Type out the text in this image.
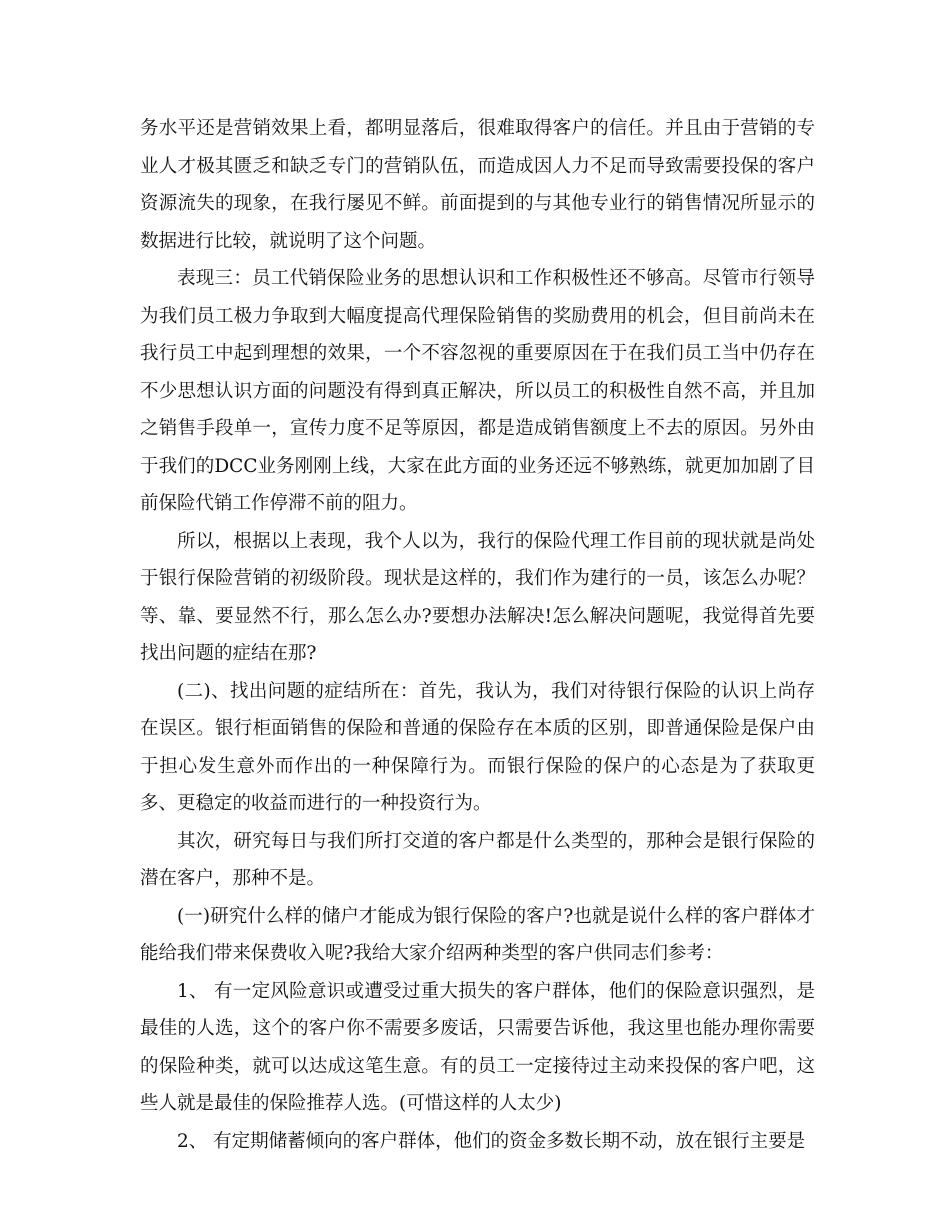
务水平还是营销效果上看，都明显落后，很难取得客户的信任。并且由于营销的专业人才极其匮乏和缺乏专门的营销队伍，而造成因人力不足而导致需要投保的客户资源流失的现象，在我行屡见不鲜。前面提到的与其他专业行的销售情况所显示的数据进行比较，就说明了这个问题。

表现三：员工代销保险业务的思想认识和工作积极性还不够高。尽管市行领导为我们员工极力争取到大幅度提高代理保险销售的奖励费用的机会，但目前尚未在我行员工中起到理想的效果，一个不容忽视的重要原因在于在我们员工当中仍存在不少思想认识方面的问题没有得到真正解决，所以员工的积极性自然不高，并且加之销售手段单一，宣传力度不足等原因，都是造成销售额度上不去的原因。另外由于我们的DCC业务刚刚上线，大家在此方面的业务还远不够熟练，就更加加剧了目前保险代销工作停滞不前的阻力。

所以，根据以上表现，我个人以为，我行的保险代理工作目前的现状就是尚处于银行保险营销的初级阶段。现状是这样的，我们作为建行的一员，该怎么办呢？等、靠、要显然不行，那么怎么办?要想办法解决!怎么解决问题呢，我觉得首先要找出问题的症结在那?

(二)、找出问题的症结所在：首先，我认为，我们对待银行保险的认识上尚存在误区。银行柜面销售的保险和普通的保险存在本质的区别，即普通保险是保户由于担心发生意外而作出的一种保障行为。而银行保险的保户的心态是为了获取更多、更稳定的收益而进行的一种投资行为。

其次，研究每日与我们所打交道的客户都是什么类型的，那种会是银行保险的潜在客户，那种不是。

(一)研究什么样的储户才能成为银行保险的客户?也就是说什么样的客户群体才能给我们带来保费收入呢?我给大家介绍两种类型的客户供同志们参考：

1、 有一定风险意识或遭受过重大损失的客户群体，他们的保险意识强烈，是最佳的人选，这个的客户你不需要多废话，只需要告诉他，我这里也能办理你需要的保险种类，就可以达成这笔生意。有的员工一定接待过主动来投保的客户吧，这些人就是最佳的保险推荐人选。(可惜这样的人太少)

2、 有定期储蓄倾向的客户群体，他们的资金多数长期不动，放在银行主要是
